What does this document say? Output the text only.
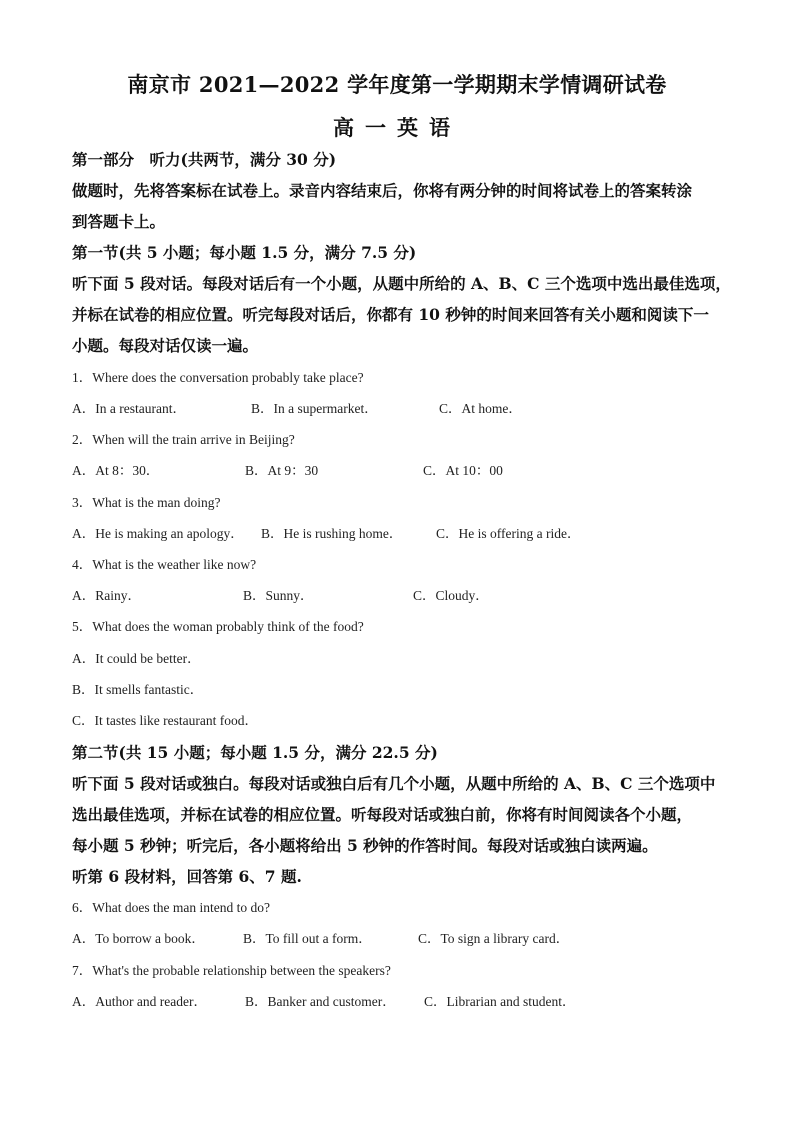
南京市 2021—2022 学年度第一学期期末学情调研试卷
高一英语
第一部分　听力(共两节，满分 30 分)
做题时，先将答案标在试卷上。录音内容结束后，你将有两分钟的时间将试卷上的答案转涂
到答题卡上。
第一节(共 5 小题；每小题 1.5 分，满分 7.5 分)
听下面 5 段对话。每段对话后有一个小题，从题中所给的 A、B、C 三个选项中选出最佳选项，
并标在试卷的相应位置。听完每段对话后，你都有 10 秒钟的时间来回答有关小题和阅读下一
小题。每段对话仅读一遍。
1．Where does the conversation probably take place?
A．In a restaurant．	B．In a supermarket．	C．At home．
2．When will the train arrive in Beijing?
A．At 8：30．	B．At 9：30	C．At 10：00
3．What is the man doing?
A．He is making an apology． B．He is rushing home． C．He is offering a ride．
4．What is the weather like now?
A．Rainy．	B．Sunny．	C．Cloudy．
5．What does the woman probably think of the food?
A．It could be better．
B．It smells fantastic．
C．It tastes like restaurant food．
第二节(共 15 小题；每小题 1.5 分，满分 22.5 分)
听下面 5 段对话或独白。每段对话或独白后有几个小题，从题中所给的 A、B、C 三个选项中
选出最佳选项，并标在试卷的相应位置。听每段对话或独白前，你将有时间阅读各个小题，
每小题 5 秒钟；听完后，各小题将给出 5 秒钟的作答时间。每段对话或独白读两遍。
听第 6 段材料，回答第 6、7 题.
6．What does the man intend to do?
A．To borrow a book．	B．To fill out a form．	C．To sign a library card．
7．What's the probable relationship between the speakers?
A．Author and reader．	B．Banker and customer． C．Librarian and student．
